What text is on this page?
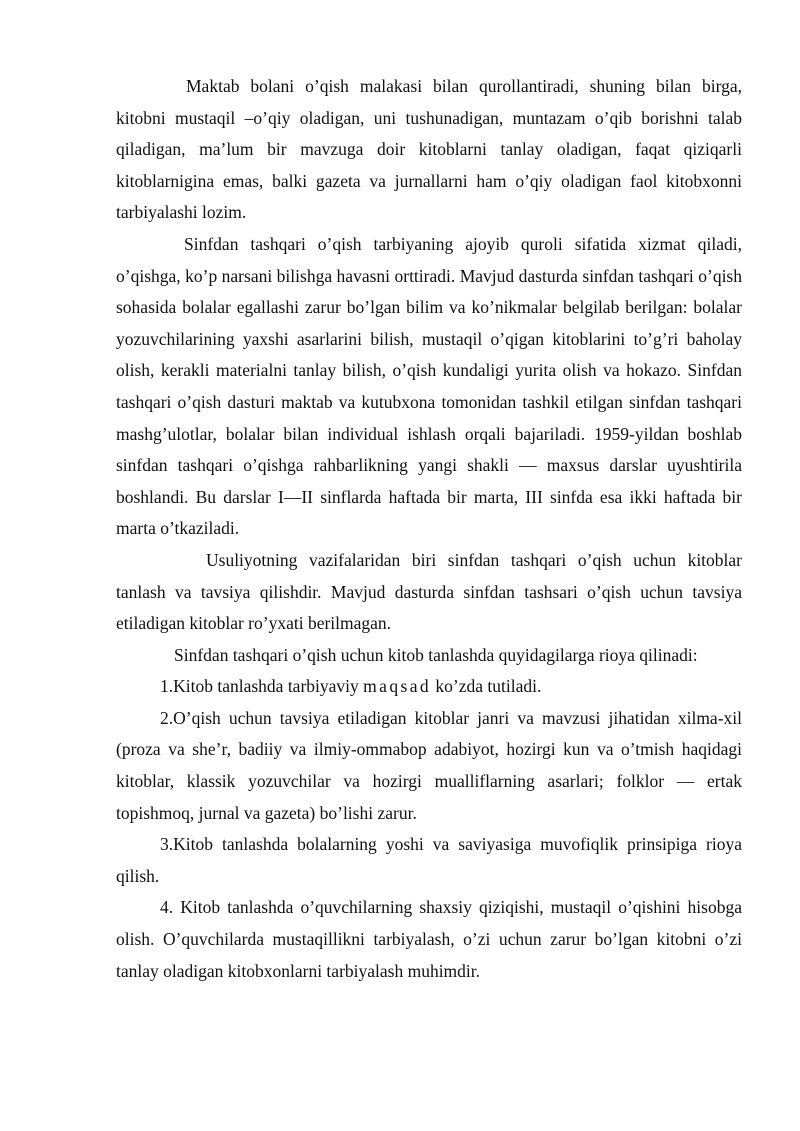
Maktab bolani o’qish malakasi bilan qurollantiradi, shuning bilan birga, kitobni mustaqil –o’qiy oladigan, uni tushunadigan, muntazam o’qib borishni talab qiladigan, ma’lum bir mavzuga doir kitoblarni tanlay oladigan, faqat qiziqarli kitoblarnigina emas, balki gazeta va jurnallarni ham o’qiy oladigan faol kitobxonni tarbiyalashi lozim.

Sinfdan tashqari o’qish tarbiyaning ajoyib quroli sifatida xizmat qiladi, o’qishga, ko’p narsani bilishga havasni orttiradi. Mavjud dasturda sinfdan tashqari o’qish sohasida bolalar egallashi zarur bo’lgan bilim va ko’nikmalar belgilab berilgan: bolalar yozuvchilarining yaxshi asarlarini bilish, mustaqil o’qigan kitoblarini to’g’ri baholay olish, kerakli materialni tanlay bilish, o’qish kundaligi yurita olish va hokazo. Sinfdan tashqari o’qish dasturi maktab va kutubxona tomonidan tashkil etilgan sinfdan tashqari mashg’ulotlar, bolalar bilan individual ishlash orqali bajariladi. 1959-yildan boshlab sinfdan tashqari o’qishga rahbarlikning yangi shakli — maxsus darslar uyushtirila boshlandi. Bu darslar I—II sinflarda haftada bir marta, III sinfda esa ikki haftada bir marta o’tkaziladi.

Usuliyotning vazifalaridan biri sinfdan tashqari o’qish uchun kitoblar tanlash va tavsiya qilishdir. Mavjud dasturda sinfdan tashsari o’qish uchun tavsiya etiladigan kitoblar ro’yxati berilmagan.

Sinfdan tashqari o’qish uchun kitob tanlashda quyidagilarga rioya qilinadi:

1.Kitob tanlashda tarbiyaviy maqsad ko’zda tutiladi.

2.O’qish uchun tavsiya etiladigan kitoblar janri va mavzusi jihatidan xilma-xil (proza va she’r, badiiy va ilmiy-ommabop adabiyot, hozirgi kun va o’tmish haqidagi kitoblar, klassik yozuvchilar va hozirgi mualliflarning asarlari; folklor — ertak topishmoq, jurnal va gazeta) bo’lishi zarur.

3.Kitob tanlashda bolalarning yoshi va saviyasiga muvofiqlik prinsipiga rioya qilish.

4. Kitob tanlashda o’quvchilarning shaxsiy qiziqishi, mustaqil o’qishini hisobga olish. O’quvchilarda mustaqillikni tarbiyalash, o’zi uchun zarur bo’lgan kitobni o’zi tanlay oladigan kitobxonlarni tarbiyalash muhimdir.
